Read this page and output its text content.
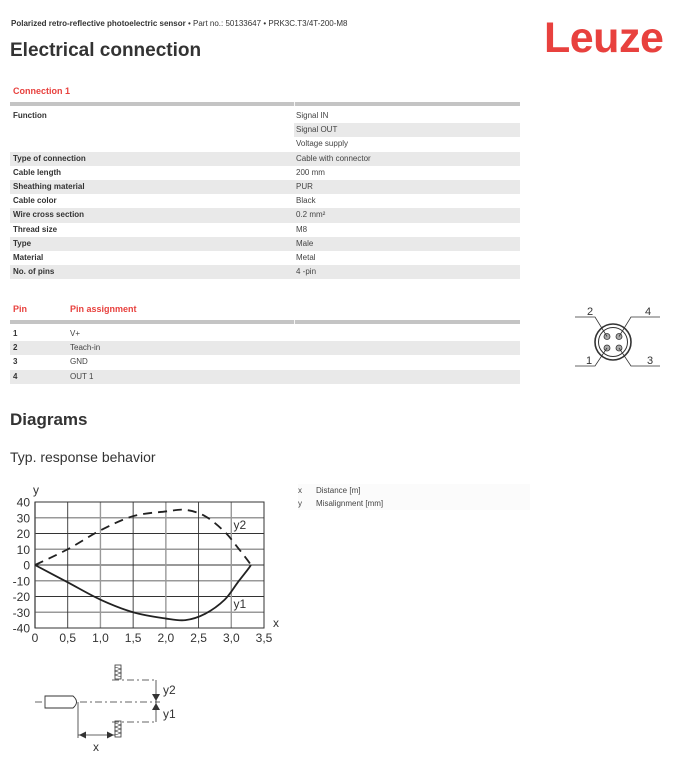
Polarized retro-reflective photoelectric sensor • Part no.: 50133647 • PRK3C.T3/4T-200-M8
Electrical connection	Leuze
Connection 1
Function	Signal IN
Signal OUT
Voltage supply
Type of connection	Cable with connector
Cable length	200 mm
Sheathing material	PUR
Cable color	Black
Wire cross section	0.2 mm²
Thread size	M8
Type	Male
Material	Metal
No. of pins	4 -pin
Pin	Pin assignment
1	V+
2	Teach-in
3	GND
4	OUT 1
2	4
1	3
Diagrams
Typ. response behavior
x	Distance [m]
y	Misalignment [mm]
40
30
20
10
0
-10
-20
-30
-40
0 0,5 1,0 1,5 2,0 2,5 3,0 3,5
y
x
y2
y1
y2
y1
x
